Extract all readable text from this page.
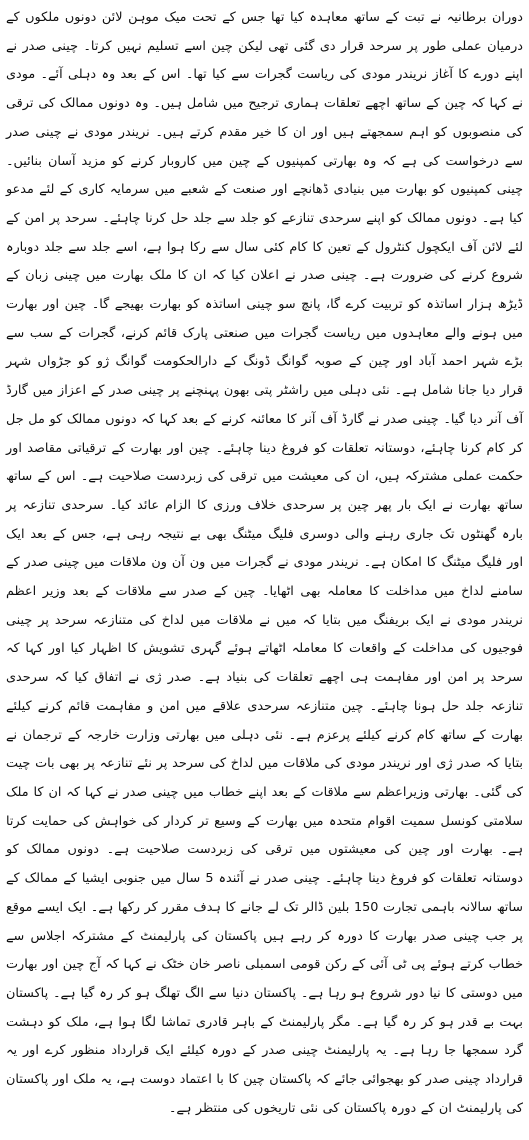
دوران برطانیہ نے تبت کے ساتھ معاہدہ کیا تھا جس کے تحت میک موہن لائن دونوں ملکوں کے درمیان عملی طور پر سرحد قرار دی گئی تھی لیکن چین اسے تسلیم نہیں کرتا۔ چینی صدر نے اپنے دورے کا آغاز نریندر مودی کی ریاست گجرات سے کیا تھا۔ اس کے بعد وہ دہلی آئے۔ مودی نے کہا کہ چین کے ساتھ اچھے تعلقات ہماری ترجیح میں شامل ہیں۔ وہ دونوں ممالک کی ترقی کی منصوبوں کو اہم سمجھتے ہیں اور ان کا خیر مقدم کرتے ہیں۔ نریندر مودی نے چینی صدر سے درخواست کی ہے کہ وہ بھارتی کمپنیوں کے چین میں کاروبار کرنے کو مزید آسان بنائیں۔ چینی کمپنیوں کو بھارت میں بنیادی ڈھانچے اور صنعت کے شعبے میں سرمایہ کاری کے لئے مدعو کیا ہے۔ دونوں ممالک کو اپنے سرحدی تنازعے کو جلد سے جلد حل کرنا چاہئے۔ سرحد پر امن کے لئے لائن آف ایکچول کنٹرول کے تعین کا کام کئی سال سے رکا ہوا ہے، اسے جلد سے جلد دوبارہ شروع کرنے کی ضرورت ہے۔ چینی صدر نے اعلان کیا کہ ان کا ملک بھارت میں چینی زبان کے ڈیڑھ ہزار اساتذہ کو تربیت کرے گا، پانچ سو چینی اساتذہ کو بھارت بھیجے گا۔ چین اور بھارت میں ہونے والے معاہدوں میں ریاست گجرات میں صنعتی پارک قائم کرنے، گجرات کے سب سے بڑے شہر احمد آباد اور چین کے صوبہ گوانگ ڈونگ کے دارالحکومت گوانگ ژو کو جڑواں شہر قرار دیا جانا شامل ہے۔ نئی دہلی میں راشٹر پتی بھون پہنچنے پر چینی صدر کے اعزاز میں گارڈ آف آنر دیا گیا۔ چینی صدر نے گارڈ آف آنر کا معائنہ کرنے کے بعد کہا کہ دونوں ممالک کو مل جل کر کام کرنا چاہئے، دوستانہ تعلقات کو فروغ دینا چاہئے۔ چین اور بھارت کے ترقیاتی مقاصد اور حکمت عملی مشترکہ ہیں، ان کی معیشت میں ترقی کی زبردست صلاحیت ہے۔ اس کے ساتھ ساتھ بھارت نے ایک بار پھر چین پر سرحدی خلاف ورزی کا الزام عائد کیا۔ سرحدی تنازعہ پر بارہ گھنٹوں تک جاری رہنے والی دوسری فلیگ میٹنگ بھی بے نتیجہ رہی ہے، جس کے بعد ایک اور فلیگ میٹنگ کا امکان ہے۔ نریندر مودی نے گجرات میں ون آن ون ملاقات میں چینی صدر کے سامنے لداخ میں مداخلت کا معاملہ بھی اٹھایا۔ چین کے صدر سے ملاقات کے بعد وزیر اعظم نریندر مودی نے ایک بریفنگ میں بتایا کہ میں نے ملاقات میں لداخ کی متنازعہ سرحد پر چینی فوجیوں کی مداخلت کے واقعات کا معاملہ اٹھاتے ہوئے گہری تشویش کا اظہار کیا اور کہا کہ سرحد پر امن اور مفاہمت ہی اچھے تعلقات کی بنیاد ہے۔ صدر ژی نے اتفاق کیا کہ سرحدی تنازعہ جلد حل ہونا چاہئے۔ چین متنازعہ سرحدی علاقے میں امن و مفاہمت قائم کرنے کیلئے بھارت کے ساتھ کام کرنے کیلئے پرعزم ہے۔ نئی دہلی میں بھارتی وزارت خارجہ کے ترجمان نے بتایا کہ صدر ژی اور نریندر مودی کی ملاقات میں لداخ کی سرحد پر نئے تنازعہ پر بھی بات چیت کی گئی۔ بھارتی وزیراعظم سے ملاقات کے بعد اپنے خطاب میں چینی صدر نے کہا کہ ان کا ملک سلامتی کونسل سمیت اقوام متحدہ میں بھارت کے وسیع تر کردار کی خواہش کی حمایت کرتا ہے۔ بھارت اور چین کی معیشتوں میں ترقی کی زبردست صلاحیت ہے۔ دونوں ممالک کو دوستانہ تعلقات کو فروغ دینا چاہئے۔ چینی صدر نے آئندہ 5 سال میں جنوبی ایشیا کے ممالک کے ساتھ سالانہ باہمی تجارت 150 بلین ڈالر تک لے جانے کا ہدف مقرر کر رکھا ہے۔ ایک ایسے موقع پر جب چینی صدر بھارت کا دورہ کر رہے ہیں پاکستان کی پارلیمنٹ کے مشترکہ اجلاس سے خطاب کرتے ہوئے پی ٹی آئی کے رکن قومی اسمبلی ناصر خان خٹک نے کہا کہ آج چین اور بھارت میں دوستی کا نیا دور شروع ہو رہا ہے۔ پاکستان دنیا سے الگ تھلگ ہو کر رہ گیا ہے۔ پاکستان بہت بے قدر ہو کر رہ گیا ہے۔ مگر پارلیمنٹ کے باہر قادری تماشا لگا ہوا ہے، ملک کو دہشت گرد سمجھا جا رہا ہے۔ یہ پارلیمنٹ چینی صدر کے دورہ کیلئے ایک قرارداد منظور کرے اور یہ قرارداد چینی صدر کو بھجوائی جائے کہ پاکستان چین کا با اعتماد دوست ہے، یہ ملک اور پاکستان کی پارلیمنٹ ان کے دورہ پاکستان کی نئی تاریخوں کی منتظر ہے۔
